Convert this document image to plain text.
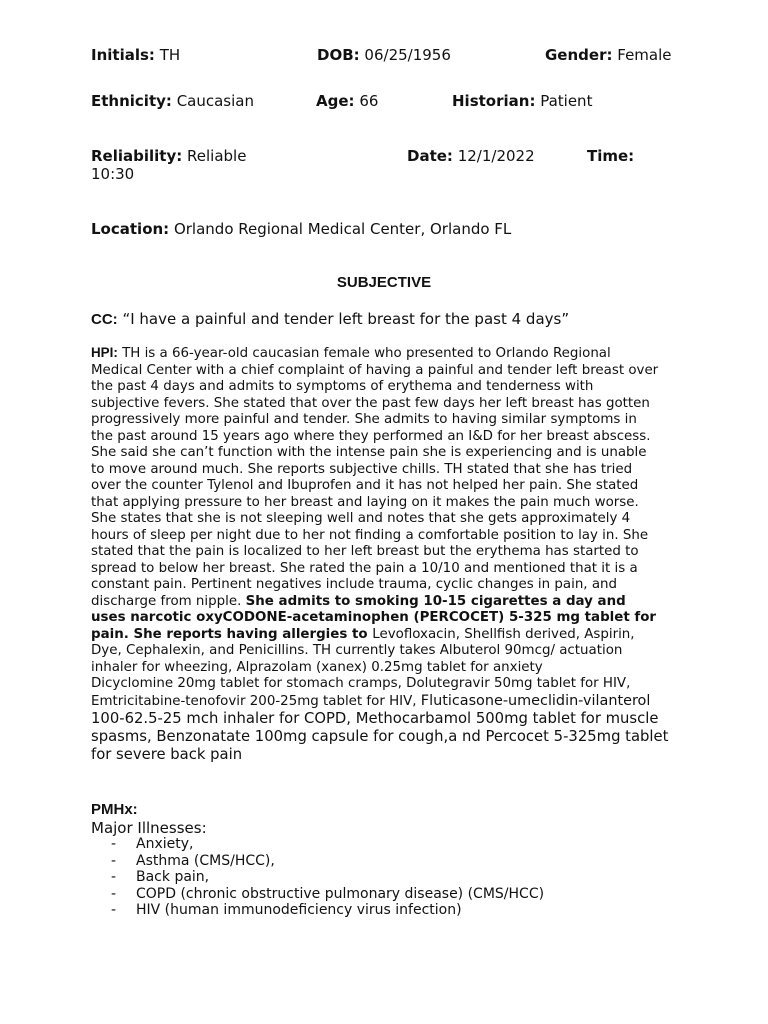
Initials: TH	DOB: 06/25/1956	Gender: Female
Ethnicity: Caucasian	Age: 66	Historian: Patient
Reliability: Reliable	Date: 12/1/2022	Time:
10:30
Location: Orlando Regional Medical Center, Orlando FL
SUBJECTIVE
CC: “I have a painful and tender left breast for the past 4 days”
HPI: TH is a 66-year-old caucasian female who presented to Orlando Regional
Medical Center with a chief complaint of having a painful and tender left breast over
the past 4 days and admits to symptoms of erythema and tenderness with
subjective fevers. She stated that over the past few days her left breast has gotten
progressively more painful and tender. She admits to having similar symptoms in
the past around 15 years ago where they performed an I&D for her breast abscess.
She said she can’t function with the intense pain she is experiencing and is unable
to move around much. She reports subjective chills. TH stated that she has tried
over the counter Tylenol and Ibuprofen and it has not helped her pain. She stated
that applying pressure to her breast and laying on it makes the pain much worse.
She states that she is not sleeping well and notes that she gets approximately 4
hours of sleep per night due to her not finding a comfortable position to lay in. She
stated that the pain is localized to her left breast but the erythema has started to
spread to below her breast. She rated the pain a 10/10 and mentioned that it is a
constant pain. Pertinent negatives include trauma, cyclic changes in pain, and
discharge from nipple. She admits to smoking 10-15 cigarettes a day and
uses narcotic oxyCODONE-acetaminophen (PERCOCET) 5-325 mg tablet for
pain. She reports having allergies to Levofloxacin, Shellfish derived, Aspirin,
Dye, Cephalexin, and Penicillins. TH currently takes Albuterol 90mcg/ actuation
inhaler for wheezing, Alprazolam (xanex) 0.25mg tablet for anxiety
Dicyclomine 20mg tablet for stomach cramps, Dolutegravir 50mg tablet for HIV,
Emtricitabine-tenofovir 200-25mg tablet for HIV, Fluticasone-umeclidin-vilanterol
100-62.5-25 mch inhaler for COPD, Methocarbamol 500mg tablet for muscle
spasms, Benzonatate 100mg capsule for cough,a nd Percocet 5-325mg tablet
for severe back pain
PMHx:
Major Illnesses:
- Anxiety,
- Asthma (CMS/HCC),
- Back pain,
- COPD (chronic obstructive pulmonary disease) (CMS/HCC)
- HIV (human immunodeficiency virus infection)
